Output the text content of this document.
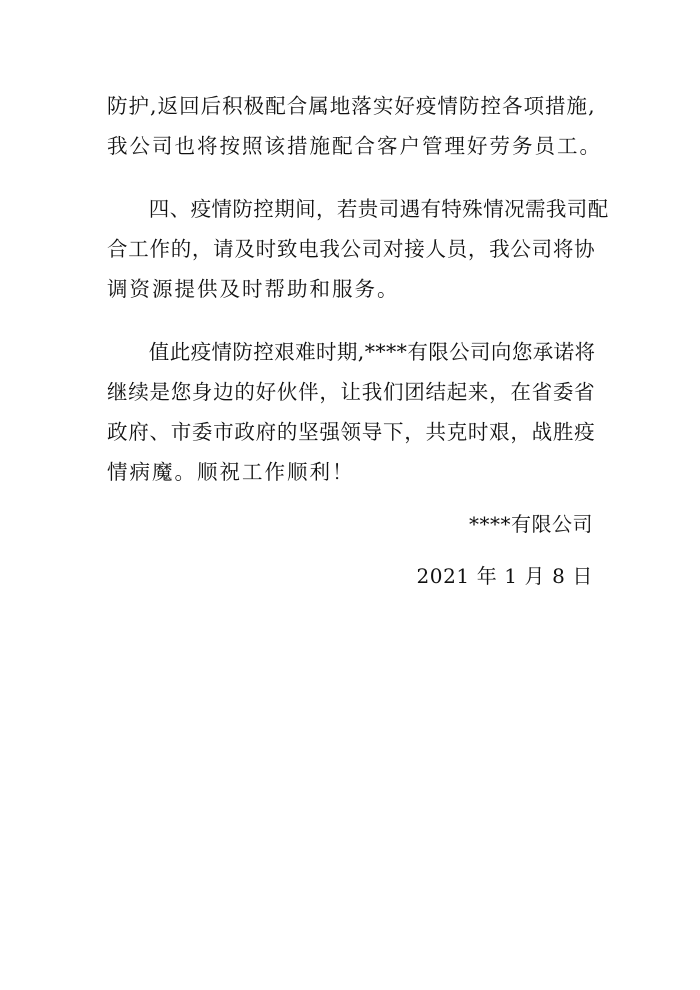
防护,返回后积极配合属地落实好疫情防控各项措施,
我公司也将按照该措施配合客户管理好劳务员工。
　　四、疫情防控期间，若贵司遇有特殊情况需我司配
合工作的，请及时致电我公司对接人员，我公司将协
调资源提供及时帮助和服务。
　　值此疫情防控艰难时期,****有限公司向您承诺将
继续是您身边的好伙伴，让我们团结起来，在省委省
政府、市委市政府的坚强领导下，共克时艰，战胜疫
情病魔。顺祝工作顺利！
****有限公司
2021 年 1 月 8 日
